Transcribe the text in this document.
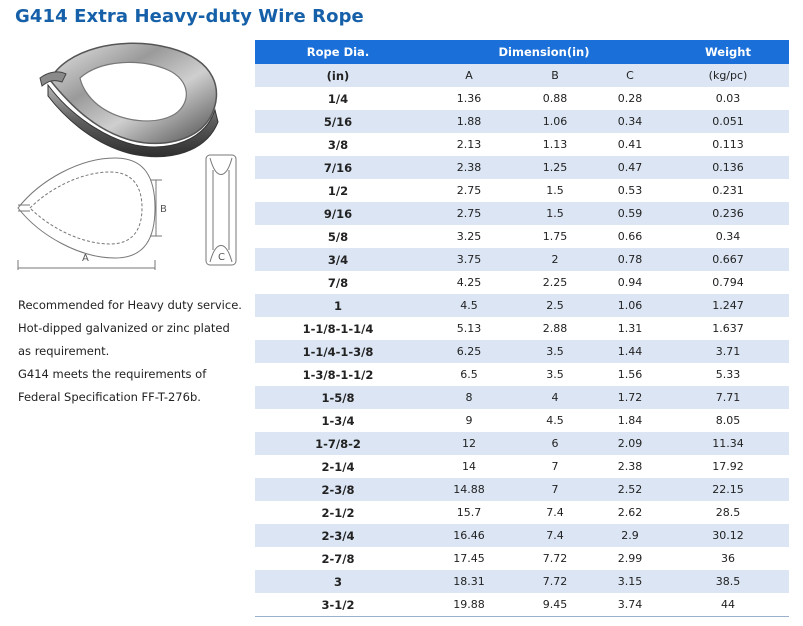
G414 Extra Heavy-duty Wire Rope
A
B
C

Recommended for Heavy duty service.

Hot-dipped galvanized or zinc plated as requirement.

G414 meets the requirements of Federal Specification FF-T-276b.

Rope Dia.	Dimension(in)			Weight
(in)	A	B	C	(kg/pc)
1/4	1.36	0.88	0.28	0.03
5/16	1.88	1.06	0.34	0.051
3/8	2.13	1.13	0.41	0.113
7/16	2.38	1.25	0.47	0.136
1/2	2.75	1.5	0.53	0.231
9/16	2.75	1.5	0.59	0.236
5/8	3.25	1.75	0.66	0.34
3/4	3.75	2	0.78	0.667
7/8	4.25	2.25	0.94	0.794
1	4.5	2.5	1.06	1.247
1-1/8-1-1/4	5.13	2.88	1.31	1.637
1-1/4-1-3/8	6.25	3.5	1.44	3.71
1-3/8-1-1/2	6.5	3.5	1.56	5.33
1-5/8	8	4	1.72	7.71
1-3/4	9	4.5	1.84	8.05
1-7/8-2	12	6	2.09	11.34
2-1/4	14	7	2.38	17.92
2-3/8	14.88	7	2.52	22.15
2-1/2	15.7	7.4	2.62	28.5
2-3/4	16.46	7.4	2.9	30.12
2-7/8	17.45	7.72	2.99	36
3	18.31	7.72	3.15	38.5
3-1/2	19.88	9.45	3.74	44
